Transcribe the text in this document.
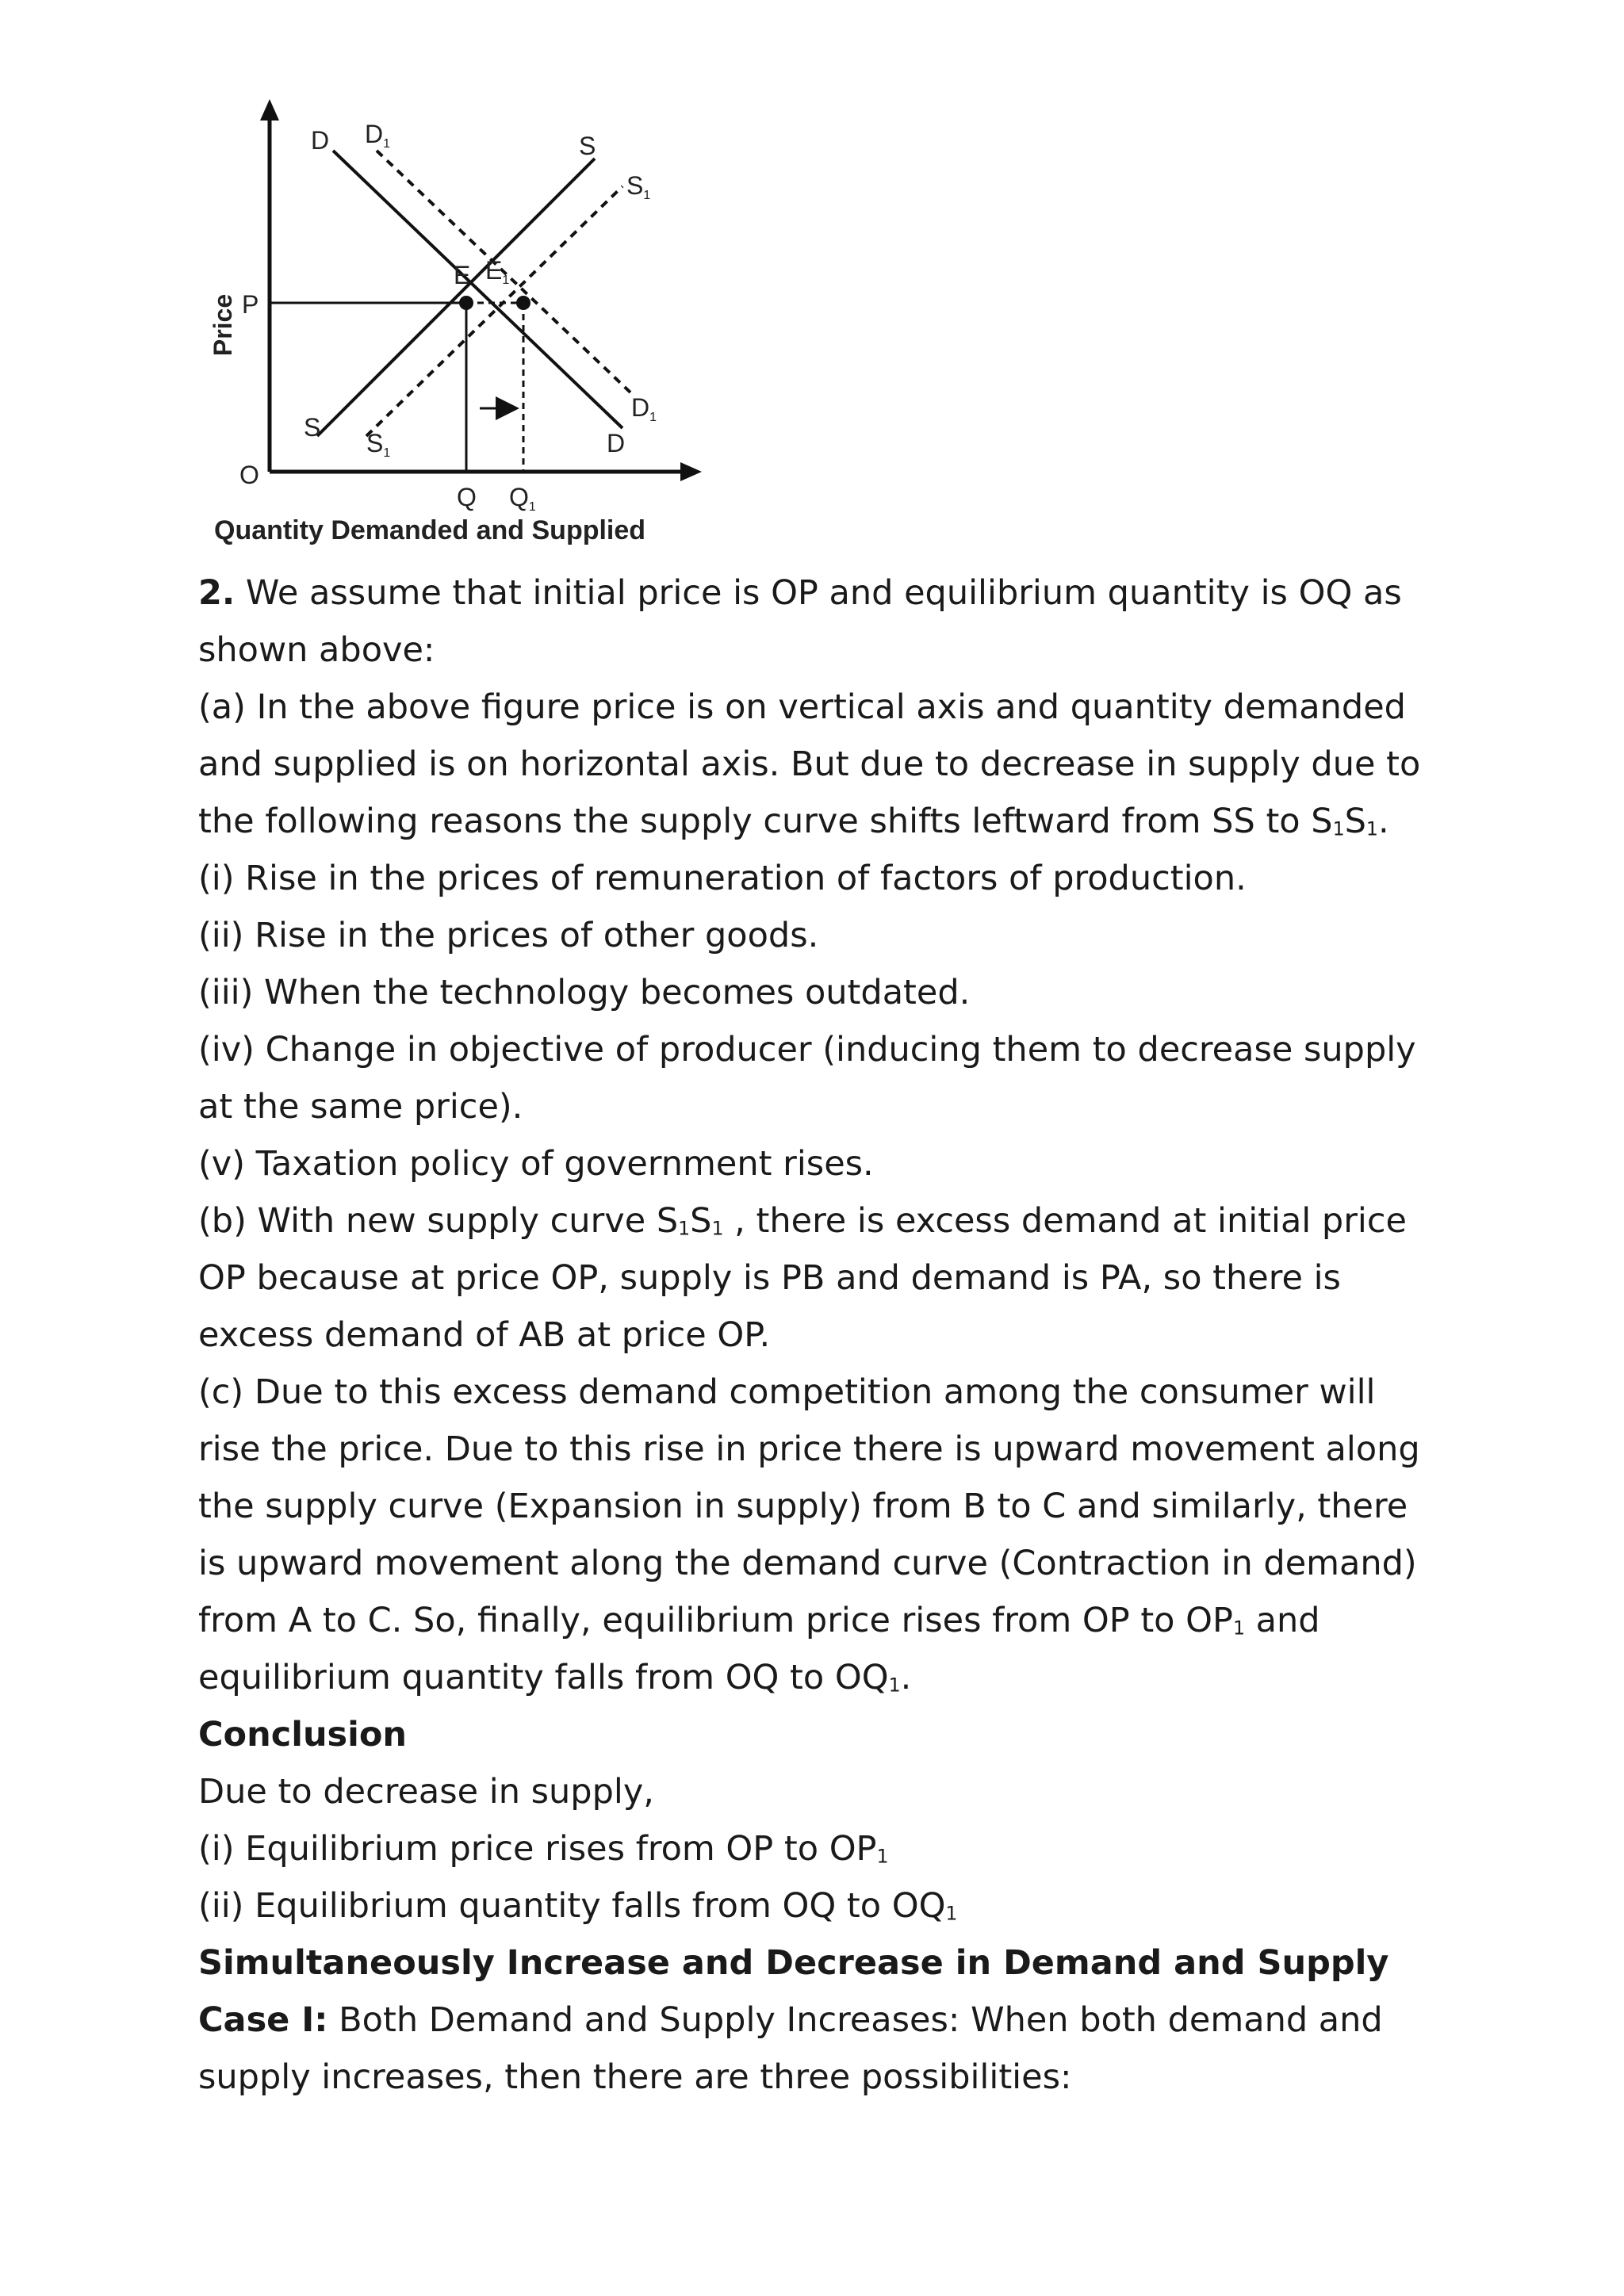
Price
O
P
Q Q1
D D1
D
D1
S
S1
S
S1
E E1
Quantity Demanded and Supplied

2. We assume that initial price is OP and equilibrium quantity is OQ as shown above:

(a) In the above figure price is on vertical axis and quantity demanded and supplied is on horizontal axis. But due to decrease in supply due to the following reasons the supply curve shifts leftward from SS to $S_1S_1$.

(i) Rise in the prices of remuneration of factors of production.

(ii) Rise in the prices of other goods.

(iii) When the technology becomes outdated.

(iv) Change in objective of producer (inducing them to decrease supply at the same price).

(v) Taxation policy of government rises.

(b) With new supply curve $S_1S_1$ , there is excess demand at initial price OP because at price OP, supply is PB and demand is PA, so there is excess demand of AB at price OP.

(c) Due to this excess demand competition among the consumer will rise the price. Due to this rise in price there is upward movement along the supply curve (Expansion in supply) from B to C and similarly, there is upward movement along the demand curve (Contraction in demand) from A to C. So, finally, equilibrium price rises from OP to $OP_1$ and equilibrium quantity falls from OQ to $OQ_1$.

Conclusion

Due to decrease in supply,

(i) Equilibrium price rises from OP to $OP_1$

(ii) Equilibrium quantity falls from OQ to $OQ_1$

Simultaneously Increase and Decrease in Demand and Supply

Case I: Both Demand and Supply Increases: When both demand and supply increases, then there are three possibilities:
